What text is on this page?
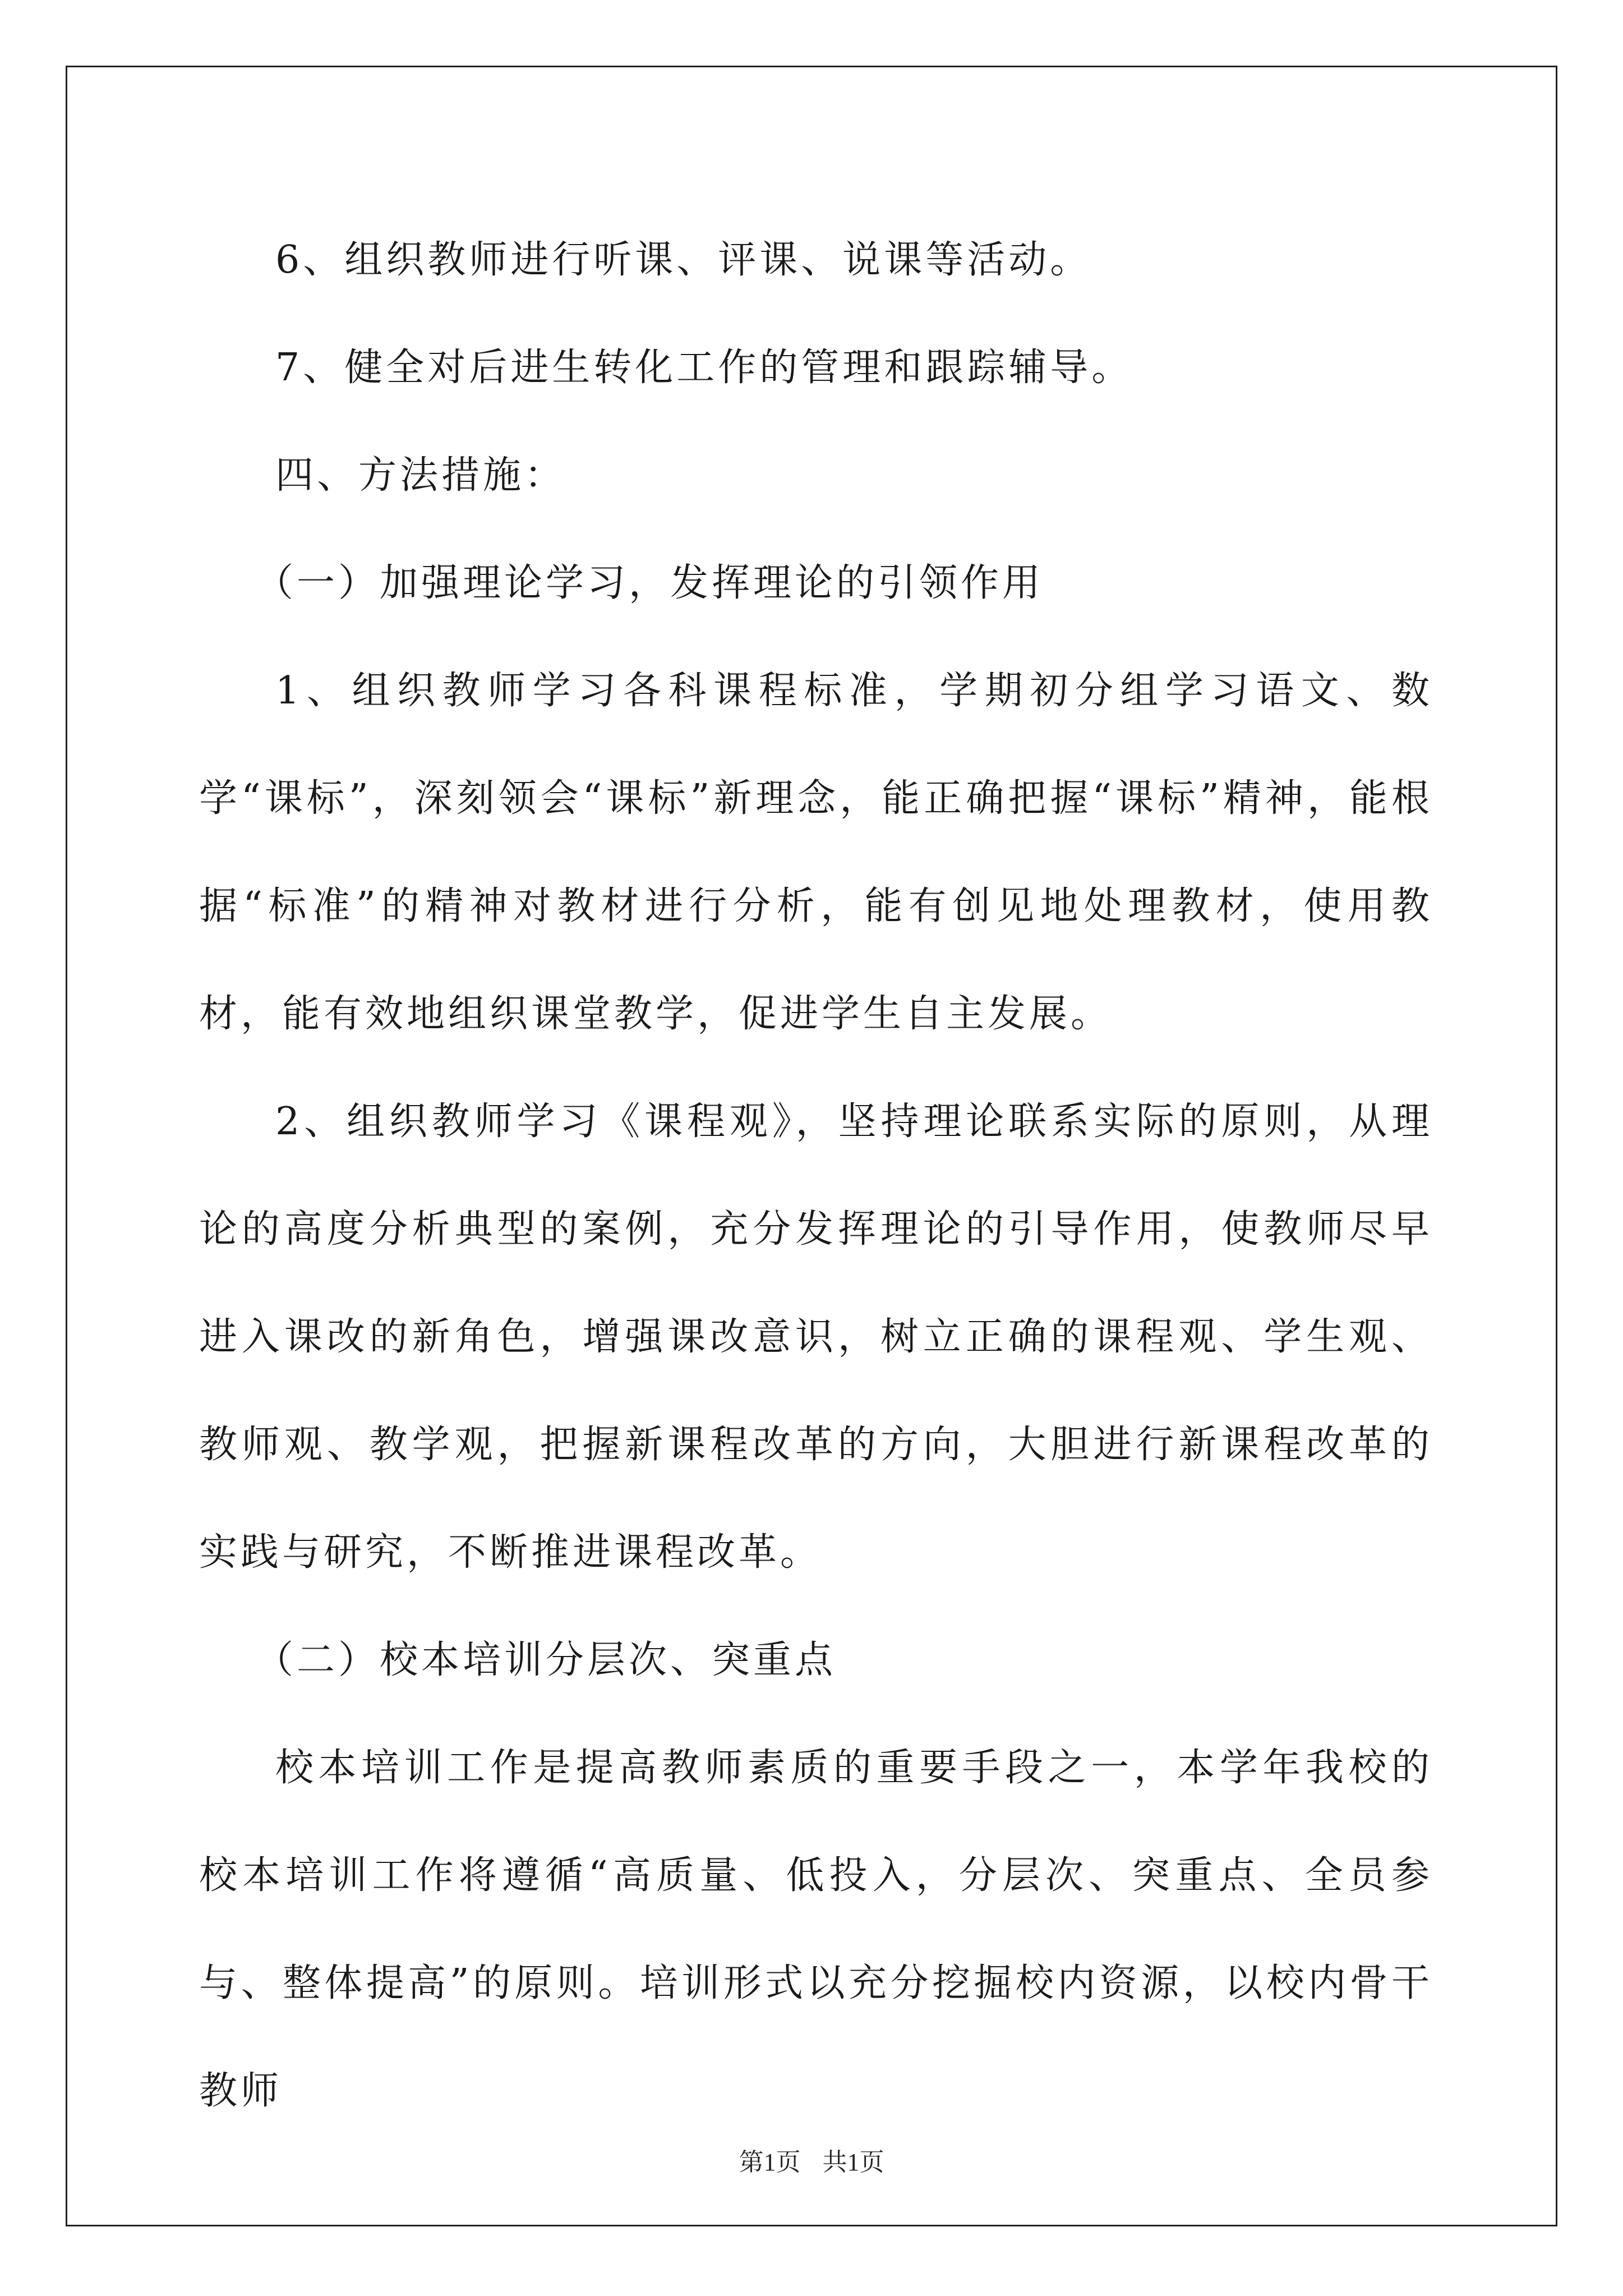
6、组织教师进行听课、评课、说课等活动。

7、健全对后进生转化工作的管理和跟踪辅导。

四、方法措施：

（一）加强理论学习，发挥理论的引领作用

1、组织教师学习各科课程标准，学期初分组学习语文、数学“课标”，深刻领会“课标”新理念，能正确把握“课标”精神，能根据“标准”的精神对教材进行分析，能有创见地处理教材，使用教材，能有效地组织课堂教学，促进学生自主发展。

2、组织教师学习《课程观》，坚持理论联系实际的原则，从理论的高度分析典型的案例，充分发挥理论的引导作用，使教师尽早进入课改的新角色，增强课改意识，树立正确的课程观、学生观、教师观、教学观，把握新课程改革的方向，大胆进行新课程改革的实践与研究，不断推进课程改革。

（二）校本培训分层次、突重点

校本培训工作是提高教师素质的重要手段之一，本学年我校的校本培训工作将遵循“高质量、低投入，分层次、突重点、全员参与、整体提高”的原则。培训形式以充分挖掘校内资源，以校内骨干教师

第1页 共1页
